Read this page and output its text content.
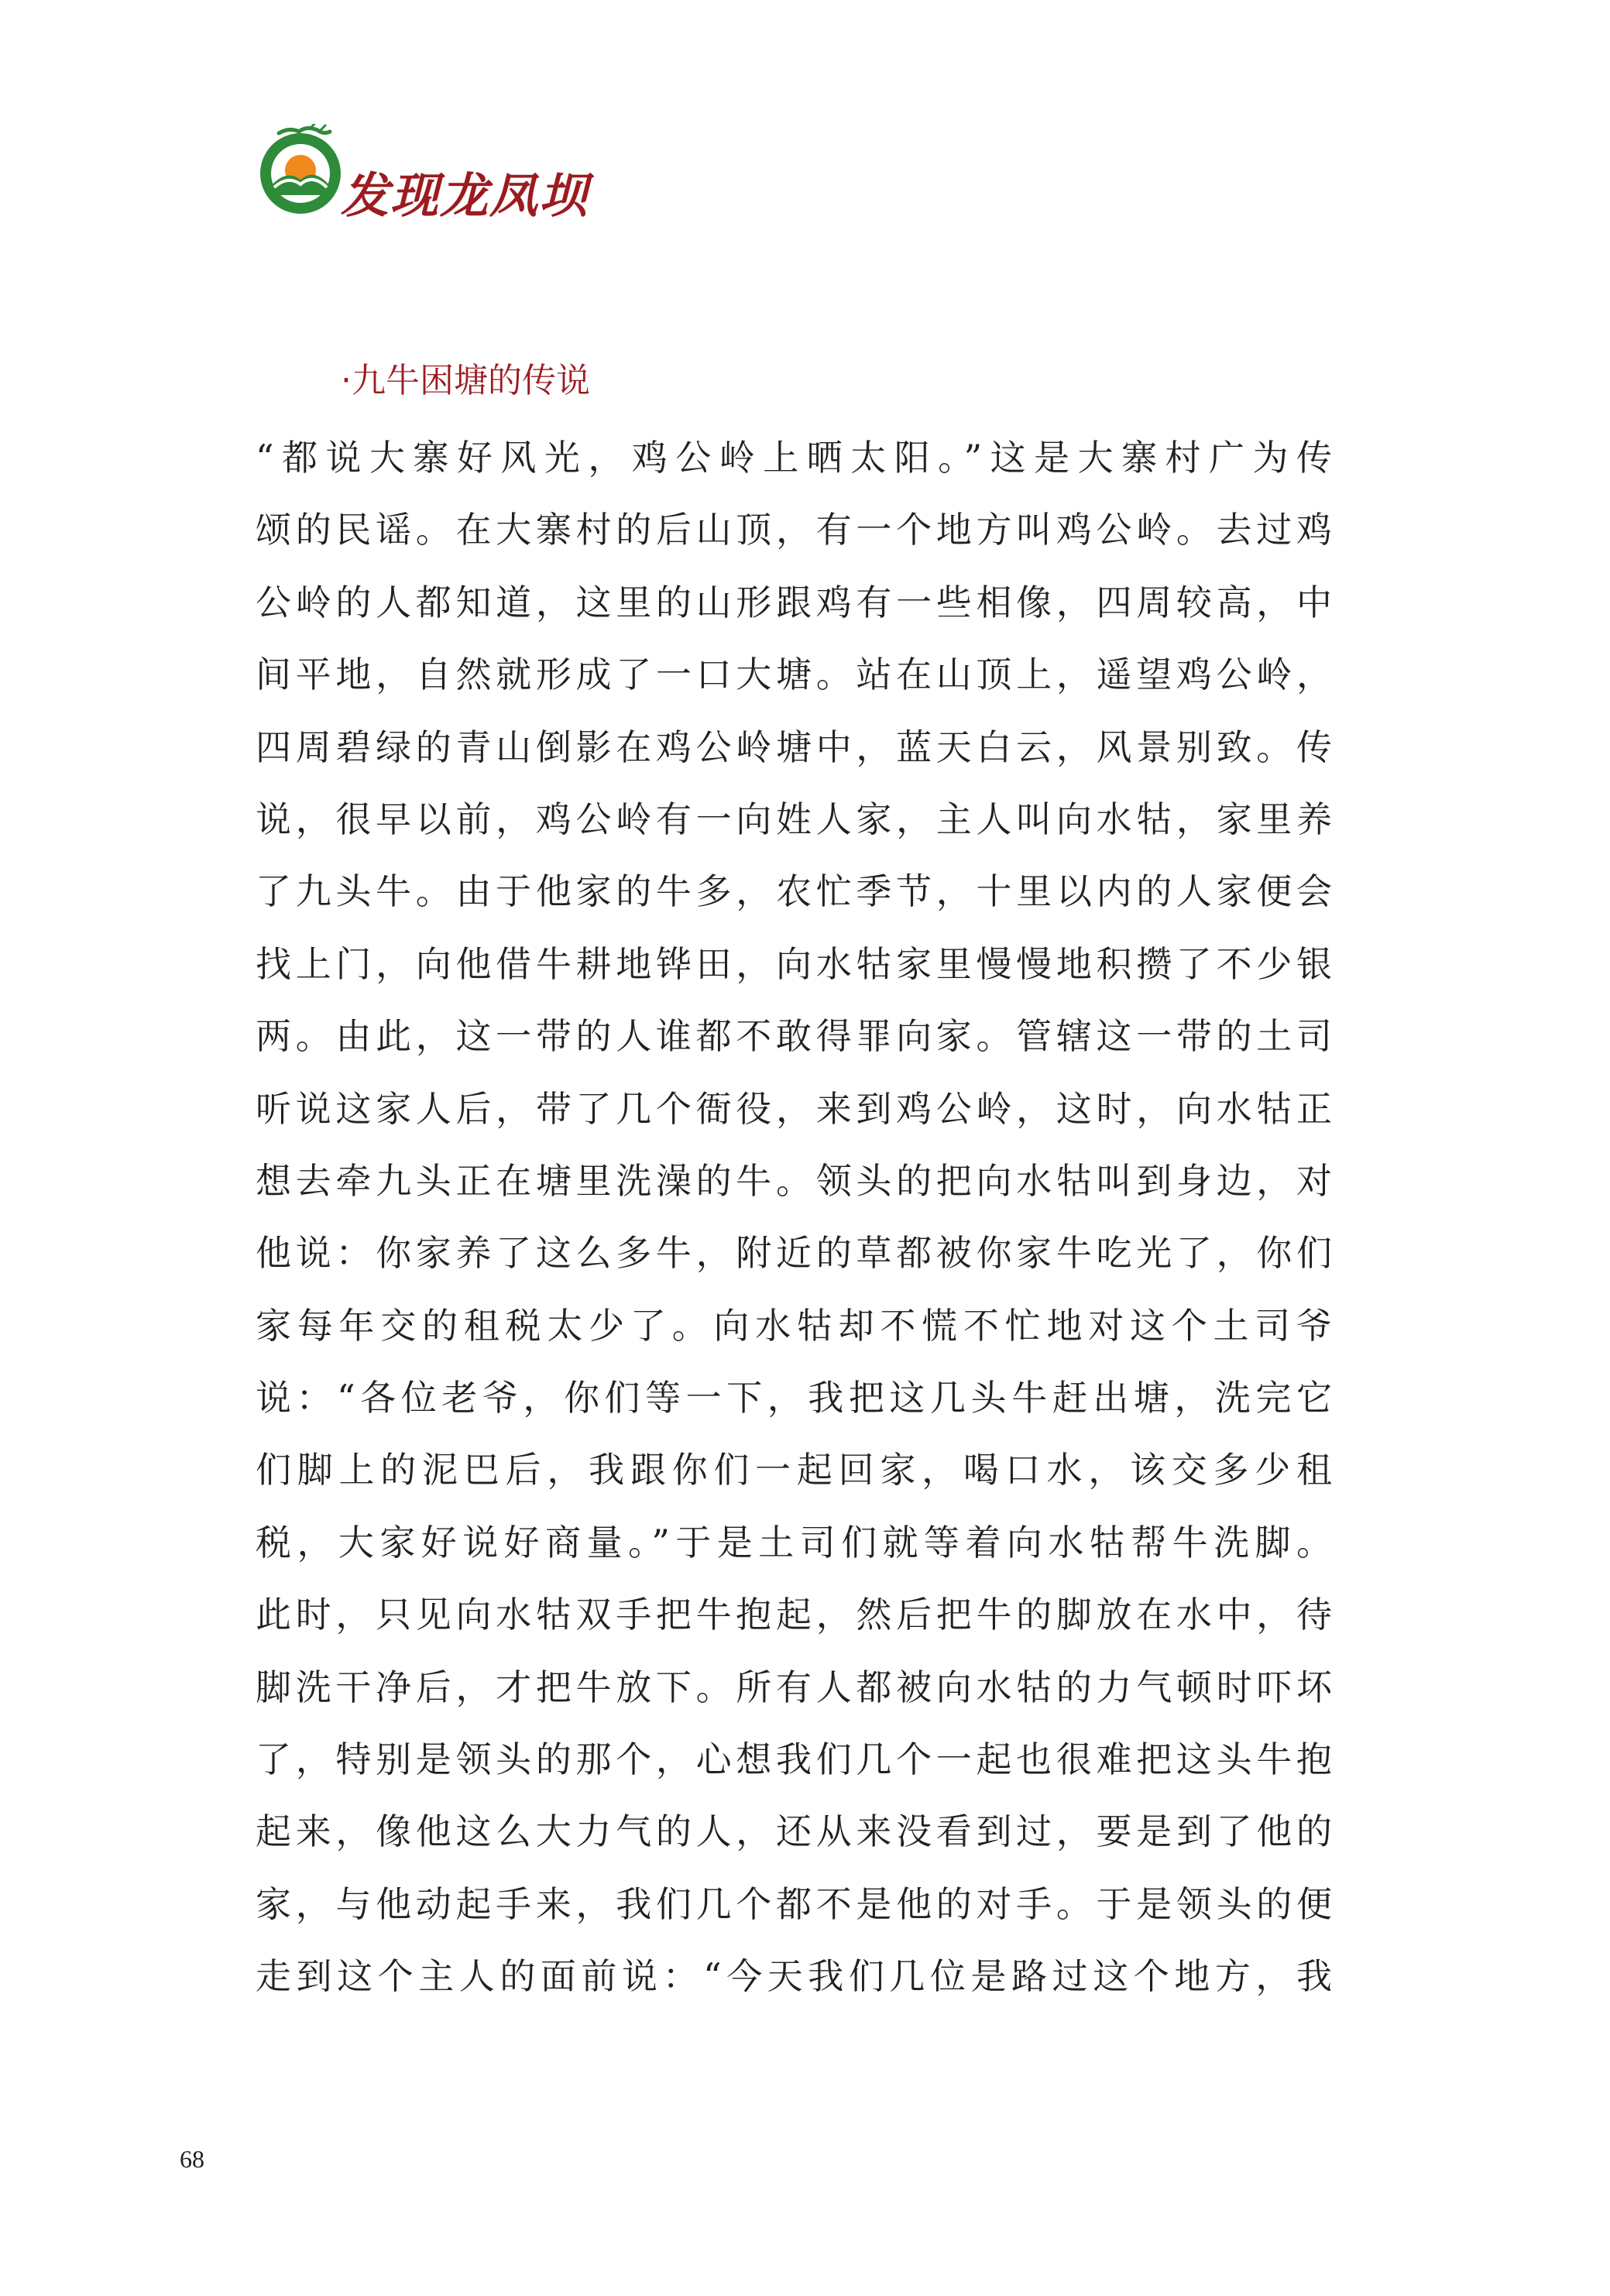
发现龙凤坝
·九牛困塘的传说
“都说大寨好风光，鸡公岭上晒太阳。”这是大寨村广为传
颂的民谣。在大寨村的后山顶，有一个地方叫鸡公岭。去过鸡
公岭的人都知道，这里的山形跟鸡有一些相像，四周较高，中
间平地，自然就形成了一口大塘。站在山顶上，遥望鸡公岭，
四周碧绿的青山倒影在鸡公岭塘中，蓝天白云，风景别致。传
说，很早以前，鸡公岭有一向姓人家，主人叫向水牯，家里养
了九头牛。由于他家的牛多，农忙季节，十里以内的人家便会
找上门，向他借牛耕地铧田，向水牯家里慢慢地积攒了不少银
两。由此，这一带的人谁都不敢得罪向家。管辖这一带的土司
听说这家人后，带了几个衙役，来到鸡公岭，这时，向水牯正
想去牵九头正在塘里洗澡的牛。领头的把向水牯叫到身边，对
他说：你家养了这么多牛，附近的草都被你家牛吃光了，你们
家每年交的租税太少了。向水牯却不慌不忙地对这个土司爷
说：“各位老爷，你们等一下，我把这几头牛赶出塘，洗完它
们脚上的泥巴后，我跟你们一起回家，喝口水，该交多少租
税，大家好说好商量。”于是土司们就等着向水牯帮牛洗脚。
此时，只见向水牯双手把牛抱起，然后把牛的脚放在水中，待
脚洗干净后，才把牛放下。所有人都被向水牯的力气顿时吓坏
了，特别是领头的那个，心想我们几个一起也很难把这头牛抱
起来，像他这么大力气的人，还从来没看到过，要是到了他的
家，与他动起手来，我们几个都不是他的对手。于是领头的便
走到这个主人的面前说：“今天我们几位是路过这个地方，我
68
